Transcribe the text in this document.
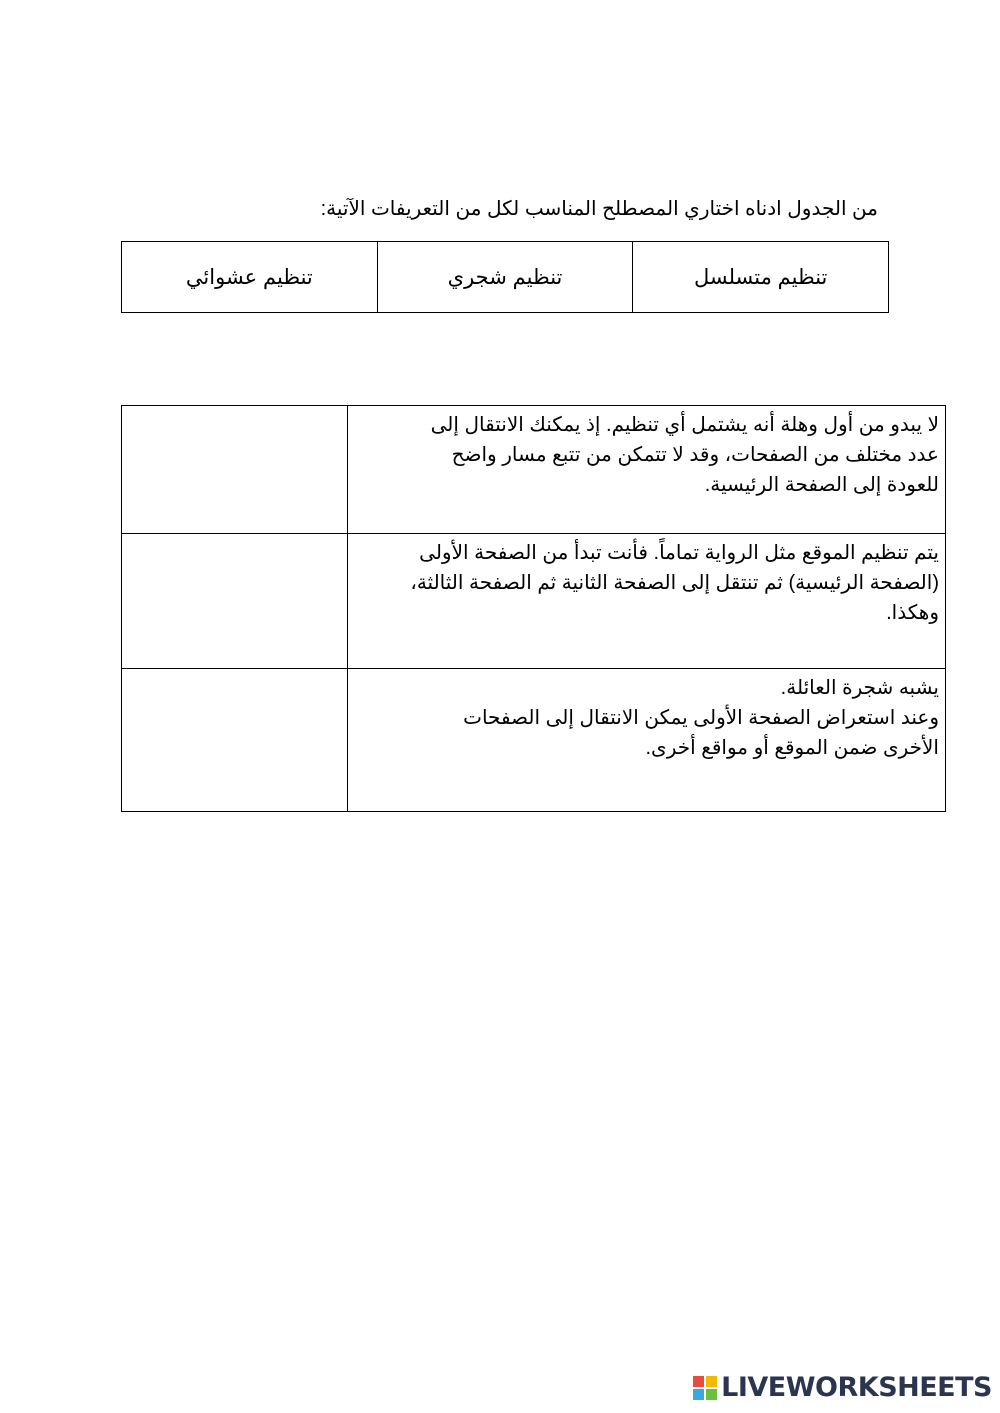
من الجدول ادناه اختاري المصطلح المناسب لكل من التعريفات الآتية:
تنظيم متسلسل	تنظيم شجري	تنظيم عشوائي
لا يبدو من أول وهلة أنه يشتمل أي تنظيم. إذ يمكنك الانتقال إلى
عدد مختلف من الصفحات، وقد لا تتمكن من تتبع مسار واضح
للعودة إلى الصفحة الرئيسية.	

يتم تنظيم الموقع مثل الرواية تماماً. فأنت تبدأ من الصفحة الأولى
(الصفحة الرئيسية) ثم تنتقل إلى الصفحة الثانية ثم الصفحة الثالثة،
وهكذا.	

يشبه شجرة العائلة.
وعند استعراض الصفحة الأولى يمكن الانتقال إلى الصفحات
الأخرى ضمن الموقع أو مواقع أخرى.	

LIVEWORKSHEETS
